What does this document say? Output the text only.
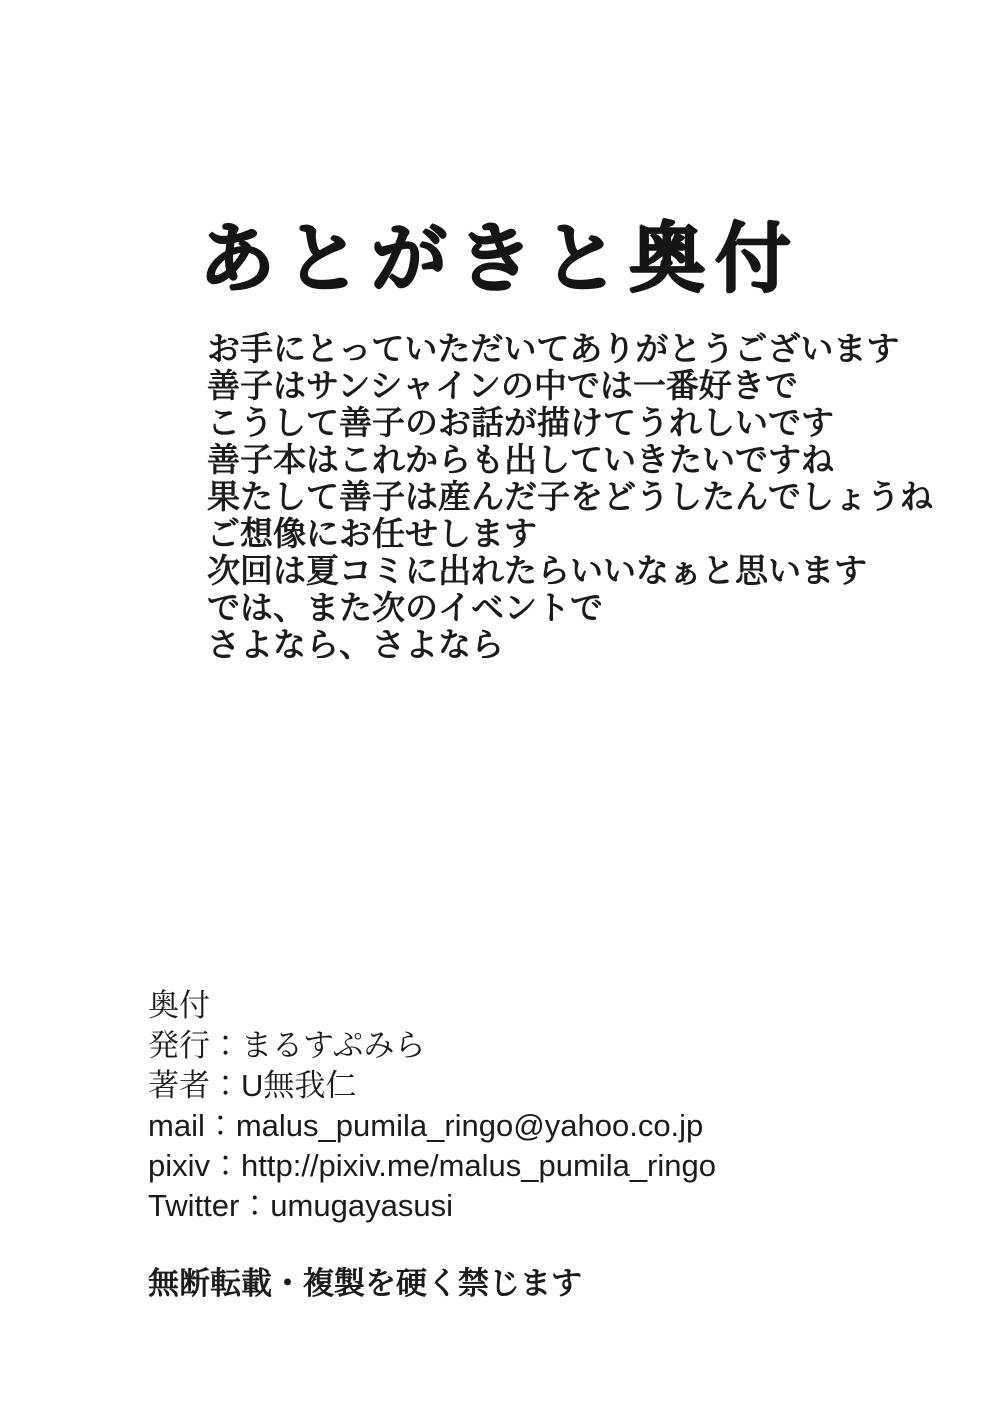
あとがきと奥付
お手にとっていただいてありがとうございます
善子はサンシャインの中では一番好きで
こうして善子のお話が描けてうれしいです
善子本はこれからも出していきたいですね
果たして善子は産んだ子をどうしたんでしょうね
ご想像にお任せします
次回は夏コミに出れたらいいなぁと思います
では、また次のイベントで
さよなら、さよなら

奥付

発行：まるすぷみら
著者：U無我仁
mail：malus_pumila_ringo@yahoo.co.jp
pixiv：http://pixiv.me/malus_pumila_ringo
Twitter：umugayasusi
無断転載・複製を硬く禁じます
